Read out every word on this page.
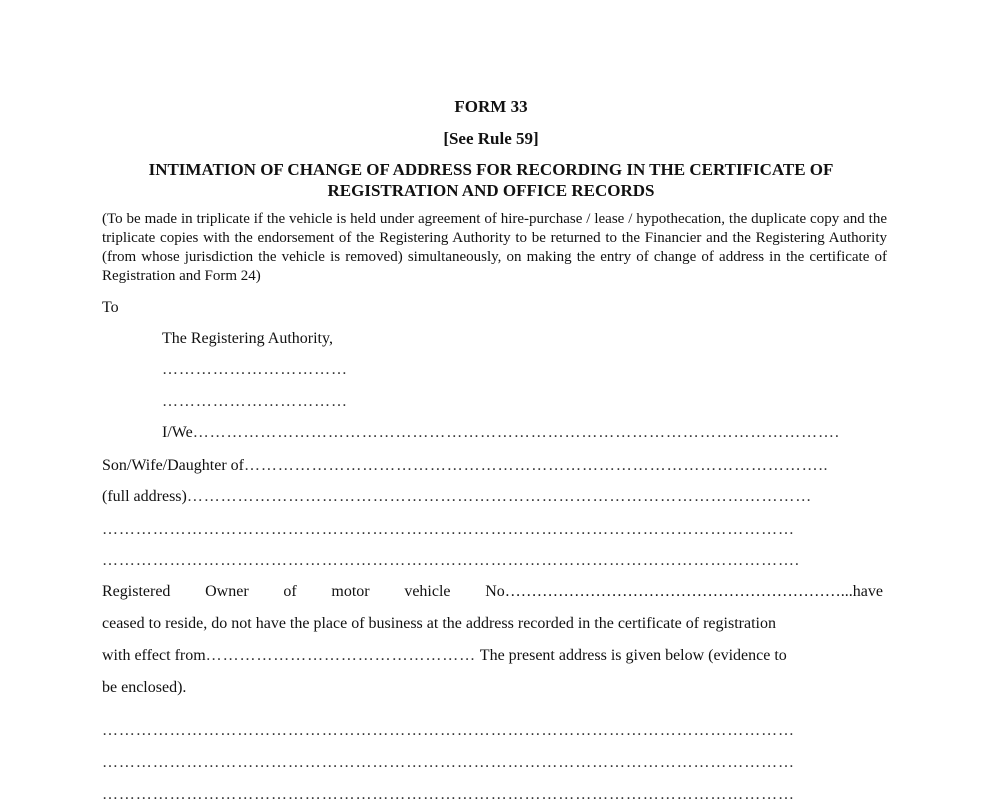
FORM 33
[See Rule 59]
INTIMATION OF CHANGE OF ADDRESS FOR RECORDING IN THE CERTIFICATE OF
REGISTRATION AND OFFICE RECORDS
(To be made in triplicate if the vehicle is held under agreement of hire-purchase / lease / hypothecation, the duplicate copy and the triplicate copies with the endorsement of the Registering Authority to be returned to the Financier and the Registering Authority (from whose jurisdiction the vehicle is removed) simultaneously, on making the entry of change of address in the certificate of Registration and Form 24)
To
The Registering Authority,
……………………………
……………………………
I/We…………………………………………………………………………………………………….
Son/Wife/Daughter of…………………………………………………………………………………………..
(full address)…………………………………………………………………………………………………
……………………………………………………………………………………………………………
…………………………………………………………………………………………………………….
Registered Owner of motor vehicle No………………………………………………………...have
ceased to reside, do not have the place of business at the address recorded in the certificate of registration
with effect from………………………………………… The present address is given below (evidence to
be enclosed).
……………………………………………………………………………………………………………
……………………………………………………………………………………………………………
……………………………………………………………………………………………………………
